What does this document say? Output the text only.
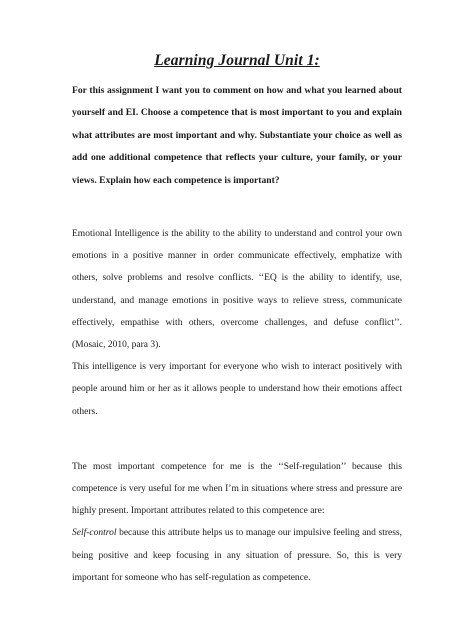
Learning Journal Unit 1:

For this assignment I want you to comment on how and what you learned about yourself and EI. Choose a competence that is most important to you and explain what attributes are most important and why. Substantiate your choice as well as add one additional competence that reflects your culture, your family, or your views. Explain how each competence is important?

Emotional Intelligence is the ability to the ability to understand and control your own emotions in a positive manner in order communicate effectively, emphatize with others, solve problems and resolve conflicts. ‘‘EQ is the ability to identify, use, understand, and manage emotions in positive ways to relieve stress, communicate effectively, empathise with others, overcome challenges, and defuse conflict’’. (Mosaic, 2010, para 3).

This intelligence is very important for everyone who wish to interact positively with people around him or her as it allows people to understand how their emotions affect others.

The most important competence for me is the ‘‘Self-regulation’’ because this competence is very useful for me when I’m in situations where stress and pressure are highly present. Important attributes related to this competence are:

Self-control because this attribute helps us to manage our impulsive feeling and stress, being positive and keep focusing in any situation of pressure. So, this is very important for someone who has self-regulation as competence.
